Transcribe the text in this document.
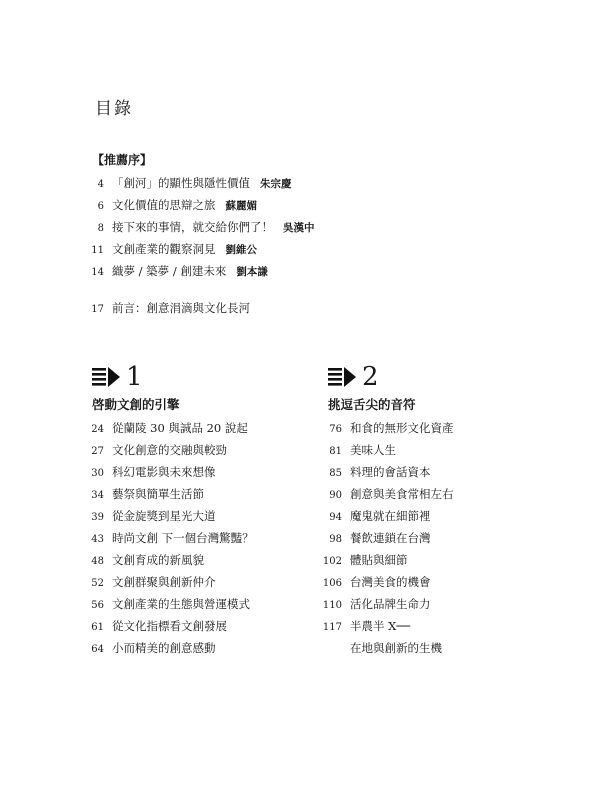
目錄
【推薦序】
4 「創河」的顯性與隱性價值 朱宗慶
6 文化價值的思辯之旅 蘇麗媚
8 接下來的事情，就交給你們了！ 吳漢中
11 文創產業的觀察洞見 劉維公
14 織夢 / 築夢 / 創建未來 劉本謙
17 前言：創意涓滴與文化長河
1
啓動文創的引擎
24 從蘭陵 30 與誠品 20 說起
27 文化創意的交融與較勁
30 科幻電影與未來想像
34 藝祭與簡單生活節
39 從金旋獎到星光大道
43 時尚文創 下一個台灣驚豔？
48 文創育成的新風貌
52 文創群聚與創新仲介
56 文創產業的生態與營運模式
61 從文化指標看文創發展
64 小而精美的創意感動
2
挑逗舌尖的音符
76 和食的無形文化資產
81 美味人生
85 料理的會話資本
90 創意與美食常相左右
94 魔鬼就在細節裡
98 餐飲連鎖在台灣
102 體貼與細節
106 台灣美食的機會
110 活化品牌生命力
117 半農半 X──
在地與創新的生機
